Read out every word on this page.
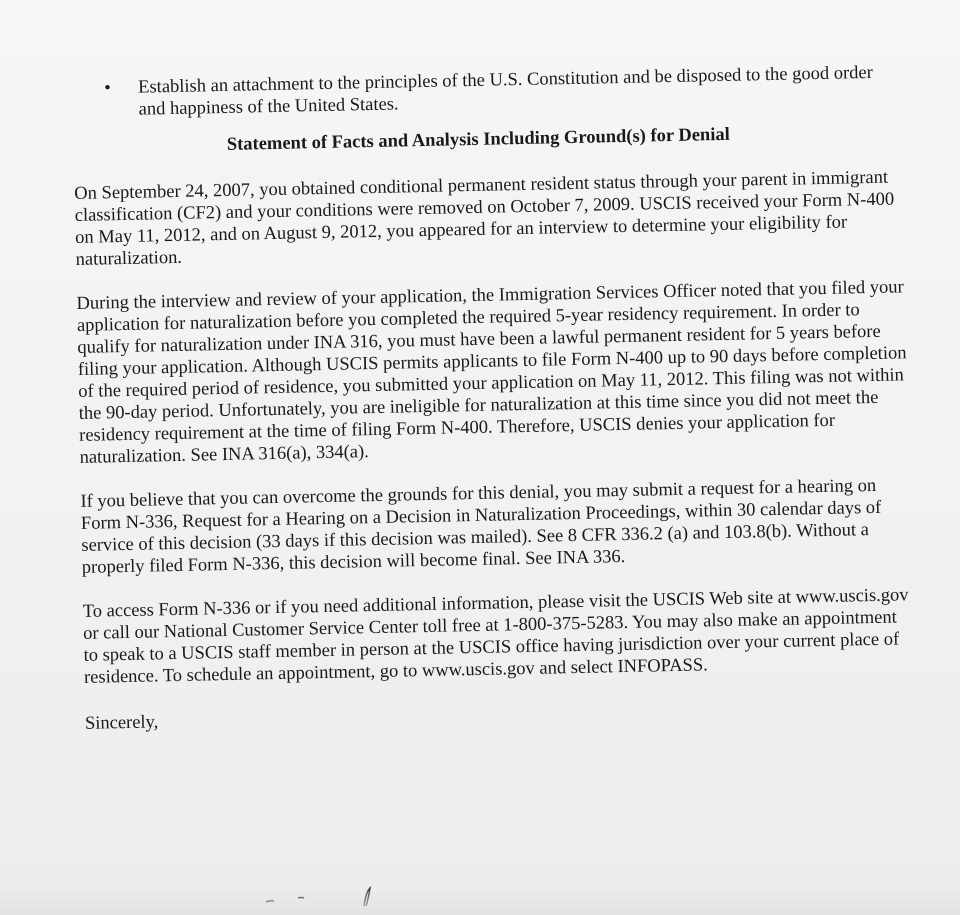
• Establish an attachment to the principles of the U.S. Constitution and be disposed to the good order and happiness of the United States.
Statement of Facts and Analysis Including Ground(s) for Denial
On September 24, 2007, you obtained conditional permanent resident status through your parent in immigrant classification (CF2) and your conditions were removed on October 7, 2009. USCIS received your Form N-400 on May 11, 2012, and on August 9, 2012, you appeared for an interview to determine your eligibility for naturalization.
During the interview and review of your application, the Immigration Services Officer noted that you filed your application for naturalization before you completed the required 5-year residency requirement. In order to qualify for naturalization under INA 316, you must have been a lawful permanent resident for 5 years before filing your application. Although USCIS permits applicants to file Form N-400 up to 90 days before completion of the required period of residence, you submitted your application on May 11, 2012. This filing was not within the 90-day period. Unfortunately, you are ineligible for naturalization at this time since you did not meet the residency requirement at the time of filing Form N-400. Therefore, USCIS denies your application for naturalization. See INA 316(a), 334(a).
If you believe that you can overcome the grounds for this denial, you may submit a request for a hearing on Form N-336, Request for a Hearing on a Decision in Naturalization Proceedings, within 30 calendar days of service of this decision (33 days if this decision was mailed). See 8 CFR 336.2 (a) and 103.8(b). Without a properly filed Form N-336, this decision will become final. See INA 336.
To access Form N-336 or if you need additional information, please visit the USCIS Web site at www.uscis.gov or call our National Customer Service Center toll free at 1-800-375-5283. You may also make an appointment to speak to a USCIS staff member in person at the USCIS office having jurisdiction over your current place of residence. To schedule an appointment, go to www.uscis.gov and select INFOPASS.
Sincerely,
